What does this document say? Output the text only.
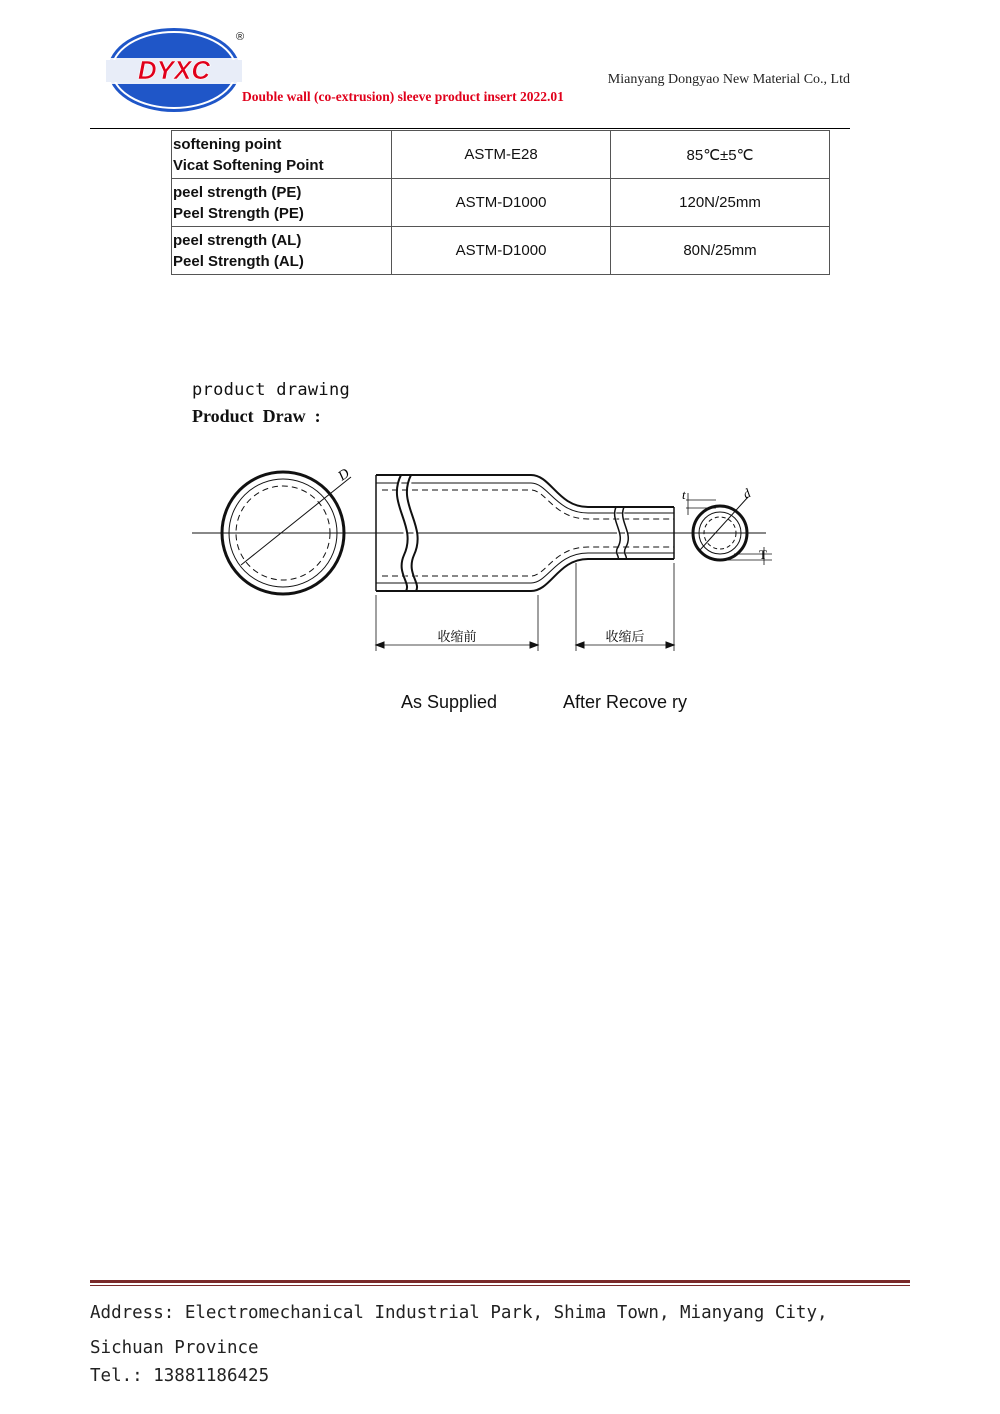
DYXC
®
Mianyang Dongyao New Material Co., Ltd
Double wall (co-extrusion) sleeve product insert 2022.01
softening point
Vicat Softening Point	ASTM-E28	85℃±5℃

peel strength (PE)
Peel Strength (PE)	ASTM-D1000	120N/25mm

peel strength (AL)
Peel Strength (AL)	ASTM-D1000	80N/25mm
product drawing
Product  Draw  :
D
t	d
T
收缩前	收缩后
As Supplied	After Recove ry
Address: Electromechanical Industrial Park, Shima Town, Mianyang City, Sichuan Province
Tel.: 13881186425
